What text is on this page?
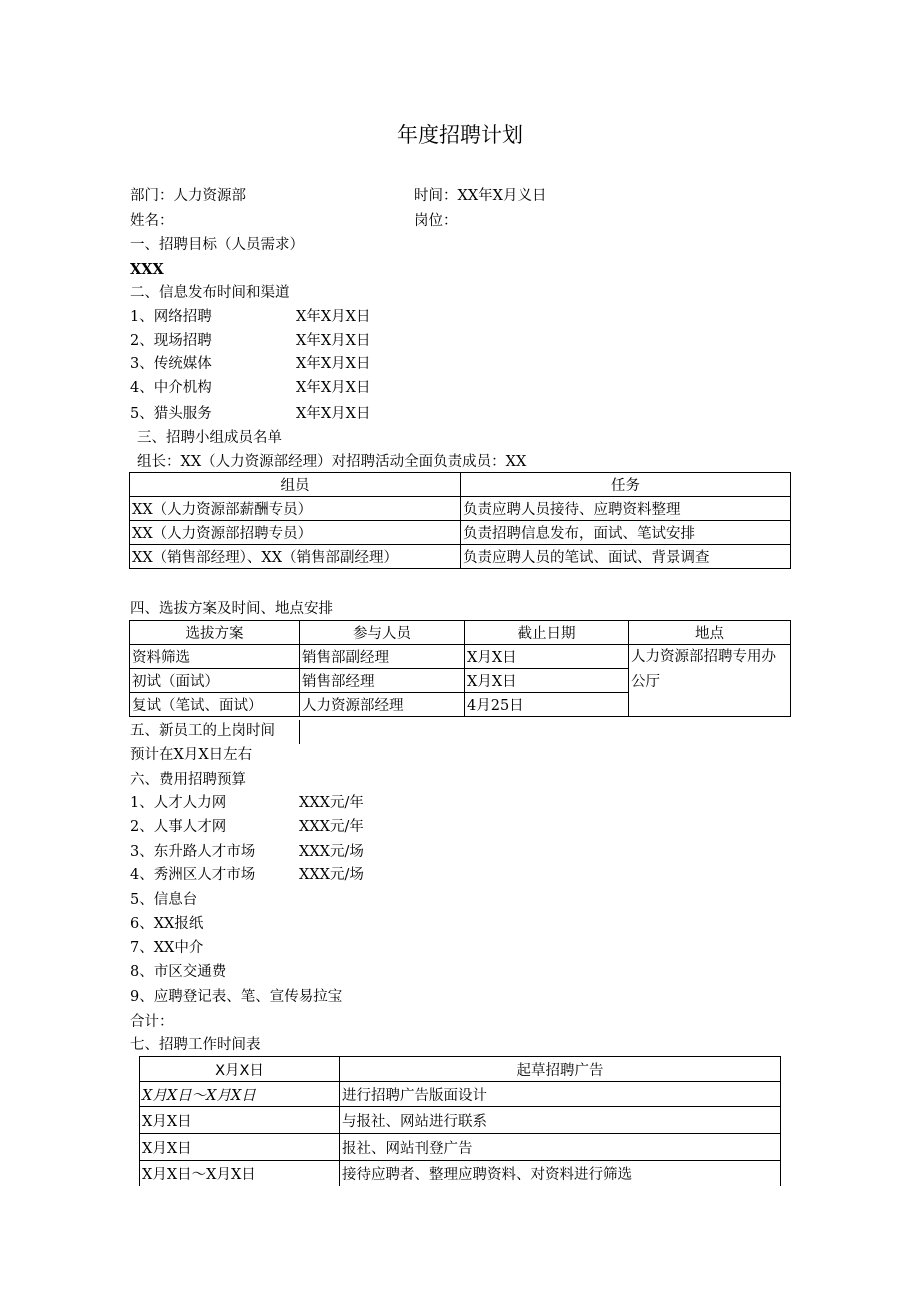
年度招聘计划
部门：人力资源部	时间：XX年X月义日
姓名：	岗位：
一、招聘目标（人员需求）
XXX
二、信息发布时间和渠道
1、网络招聘	X年X月X日
2、现场招聘	X年X月X日
3、传统媒体	X年X月X日
4、中介机构	X年X月X日
5、猎头服务	X年X月X日
三、招聘小组成员名单
组长：XX（人力资源部经理）对招聘活动全面负责成员：XX
组员	任务
XX（人力资源部薪酬专员）	负责应聘人员接待、应聘资料整理
XX（人力资源部招聘专员）	负责招聘信息发布，面试、笔试安排
XX（销售部经理）、XX（销售部副经理）	负责应聘人员的笔试、面试、背景调查
四、选拔方案及时间、地点安排
选拔方案	参与人员	截止日期	地点
资料筛选	销售部副经理	X月X日	人力资源部招聘专用办公厅
初试（面试）	销售部经理	X月X日	
复试（笔试、面试）	人力资源部经理	4月25日	
五、新员工的上岗时间
预计在X月X日左右
六、费用招聘预算
1、人才人力网	XXX元/年
2、人事人才网	XXX元/年
3、东升路人才市场	XXX元/场
4、秀洲区人才市场	XXX元/场
5、信息台
6、XX报纸
7、XX中介
8、市区交通费
9、应聘登记表、笔、宣传易拉宝
合计：
七、招聘工作时间表
X月X日	起草招聘广告
X月X日～X月X日	进行招聘广告版面设计
X月X日	与报社、网站进行联系
X月X日	报社、网站刊登广告
X月X日～X月X日	接待应聘者、整理应聘资料、对资料进行筛选
